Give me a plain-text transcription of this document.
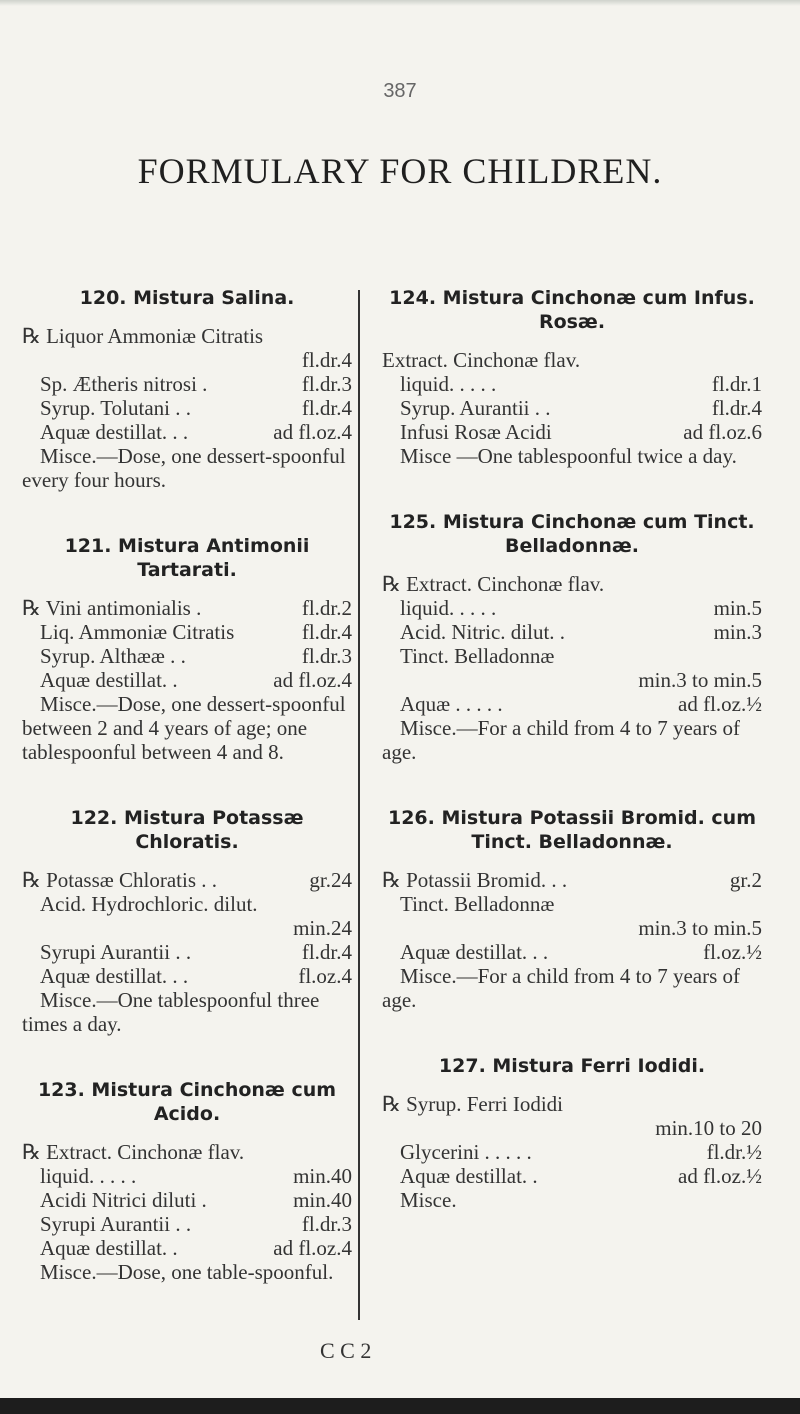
387
FORMULARY FOR CHILDREN.
120. Mistura Salina.
℞ Liquor Ammoniæ Citratis
fl.dr.4
Sp. Ætheris nitrosi .	fl.dr.3
Syrup. Tolutani . .	fl.dr.4
Aquæ destillat. . .	ad fl.oz.4
Misce.—Dose, one dessert-spoonful every four hours.
121. Mistura Antimonii Tartarati.
℞ Vini antimonialis .	fl.dr.2
Liq. Ammoniæ Citratis	fl.dr.4
Syrup. Althææ . .	fl.dr.3
Aquæ destillat. .	ad fl.oz.4
Misce.—Dose, one dessert-spoonful between 2 and 4 years of age; one tablespoonful between 4 and 8.
122. Mistura Potassæ Chloratis.
℞ Potassæ Chloratis . .	gr.24
Acid. Hydrochloric. dilut.
min.24
Syrupi Aurantii . .	fl.dr.4
Aquæ destillat. . .	fl.oz.4
Misce.—One tablespoonful three times a day.
123. Mistura Cinchonæ cum Acido.
℞ Extract. Cinchonæ flav.
liquid. . . . .	min.40
Acidi Nitrici diluti .	min.40
Syrupi Aurantii . .	fl.dr.3
Aquæ destillat. .	ad fl.oz.4
Misce.—Dose, one table-spoonful.
124. Mistura Cinchonæ cum Infus. Rosæ.
Extract. Cinchonæ flav.
liquid. . . . .	fl.dr.1
Syrup. Aurantii . .	fl.dr.4
Infusi Rosæ Acidi	ad fl.oz.6
Misce —One tablespoonful twice a day.
125. Mistura Cinchonæ cum Tinct. Belladonnæ.
℞ Extract. Cinchonæ flav.
liquid. . . . .	min.5
Acid. Nitric. dilut. .	min.3
Tinct. Belladonnæ
min.3 to min.5
Aquæ . . . . .	ad fl.oz.½
Misce.—For a child from 4 to 7 years of age.
126. Mistura Potassii Bromid. cum Tinct. Belladonnæ.
℞ Potassii Bromid. . .	gr.2
Tinct. Belladonnæ
min.3 to min.5
Aquæ destillat. . .	fl.oz.½
Misce.—For a child from 4 to 7 years of age.
127. Mistura Ferri Iodidi.
℞ Syrup. Ferri Iodidi
min.10 to 20
Glycerini . . . . .	fl.dr.½
Aquæ destillat. .	ad fl.oz.½
Misce.
C C 2
